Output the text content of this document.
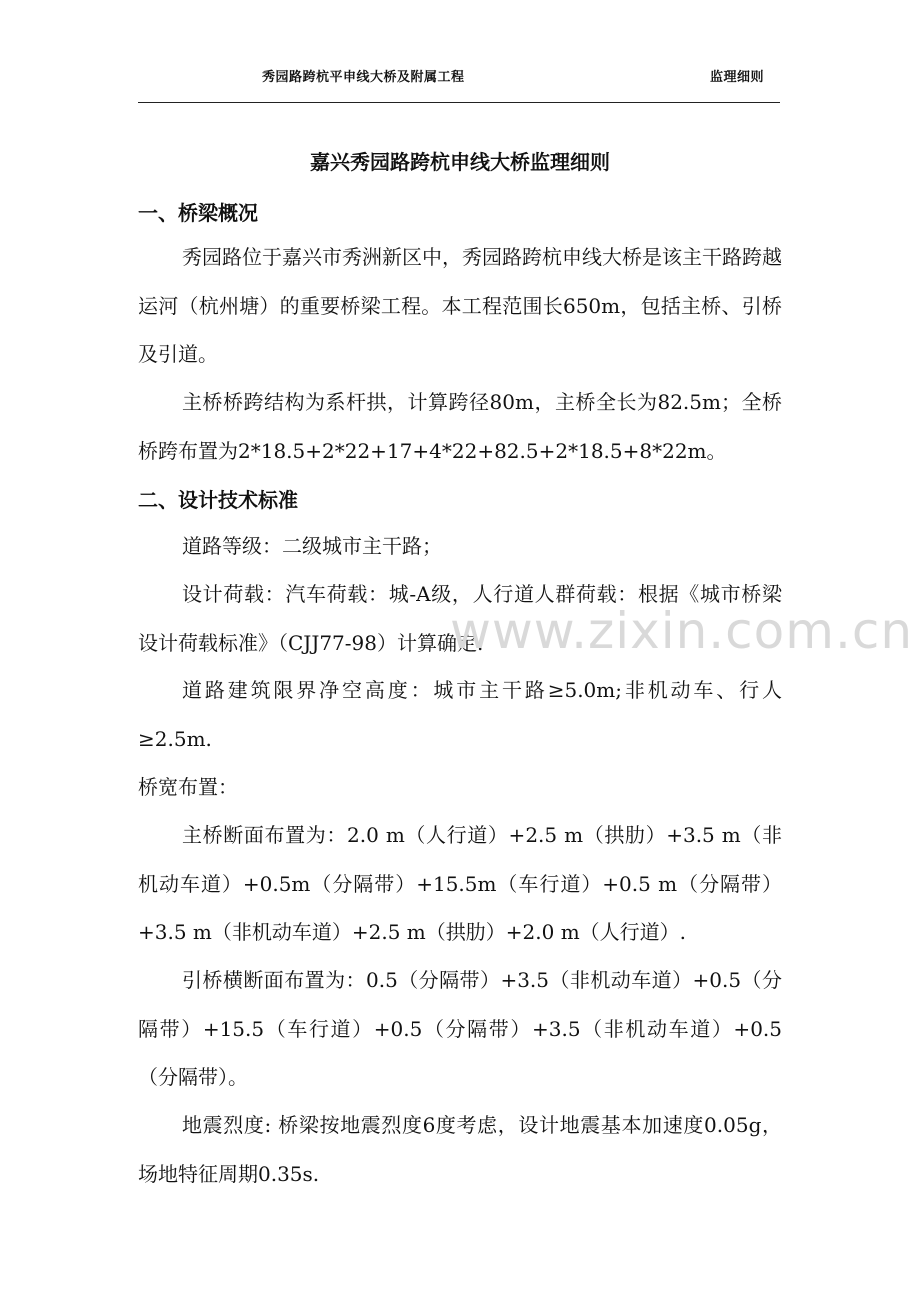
秀园路跨杭平申线大桥及附属工程	监理细则
嘉兴秀园路跨杭申线大桥监理细则
一、桥梁概况

秀园路位于嘉兴市秀洲新区中，秀园路跨杭申线大桥是该主干路跨越运河（杭州塘）的重要桥梁工程。本工程范围长650m，包括主桥、引桥及引道。

主桥桥跨结构为系杆拱，计算跨径80m，主桥全长为82.5m；全桥桥跨布置为2*18.5+2*22+17+4*22+82.5+2*18.5+8*22m。

二、设计技术标准

道路等级：二级城市主干路；

设计荷载：汽车荷载：城-A级，人行道人群荷载：根据《城市桥梁设计荷载标准》（CJJ77-98）计算确定.

道路建筑限界净空高度：城市主干路≥5.0m;非机动车、行人≥2.5m.

桥宽布置：

主桥断面布置为：2.0 m（人行道）+2.5 m（拱肋）+3.5 m（非机动车道）+0.5m（分隔带）+15.5m（车行道）+0.5 m（分隔带）+3.5 m（非机动车道）+2.5 m（拱肋）+2.0 m（人行道）.

引桥横断面布置为：0.5（分隔带）+3.5（非机动车道）+0.5（分隔带）+15.5（车行道）+0.5（分隔带）+3.5（非机动车道）+0.5（分隔带）。

地震烈度: 桥梁按地震烈度6度考虑，设计地震基本加速度0.05g，场地特征周期0.35s.

www.zixin.com.cn
